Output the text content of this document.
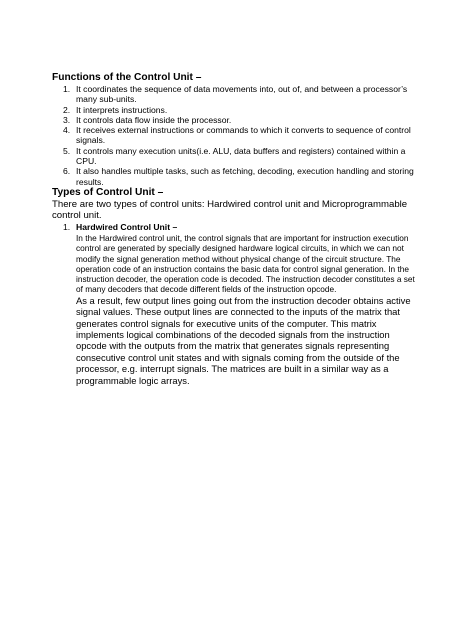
Functions of the Control Unit –
1. It coordinates the sequence of data movements into, out of, and between a processor’s many sub-units.
2. It interprets instructions.
3. It controls data flow inside the processor.
4. It receives external instructions or commands to which it converts to sequence of control signals.
5. It controls many execution units(i.e. ALU, data buffers and registers) contained within a CPU.
6. It also handles multiple tasks, such as fetching, decoding, execution handling and storing results.
Types of Control Unit –

There are two types of control units: Hardwired control unit and Microprogrammable control unit.

1. Hardwired Control Unit –

In the Hardwired control unit, the control signals that are important for instruction execution control are generated by specially designed hardware logical circuits, in which we can not modify the signal generation method without physical change of the circuit structure. The operation code of an instruction contains the basic data for control signal generation. In the instruction decoder, the operation code is decoded. The instruction decoder constitutes a set of many decoders that decode different fields of the instruction opcode.

As a result, few output lines going out from the instruction decoder obtains active signal values. These output lines are connected to the inputs of the matrix that generates control signals for executive units of the computer. This matrix implements logical combinations of the decoded signals from the instruction opcode with the outputs from the matrix that generates signals representing consecutive control unit states and with signals coming from the outside of the processor, e.g. interrupt signals. The matrices are built in a similar way as a programmable logic arrays.
